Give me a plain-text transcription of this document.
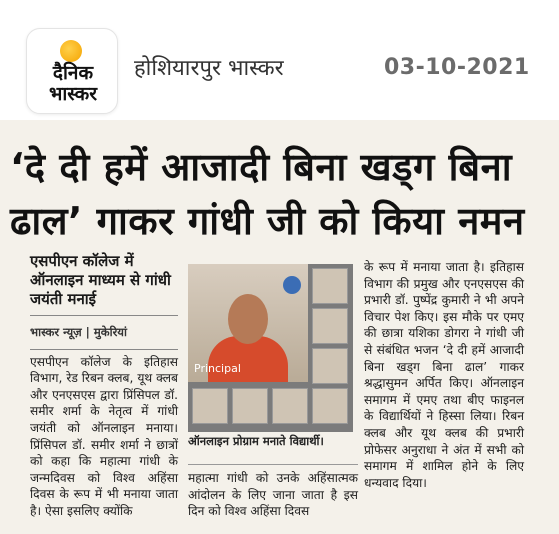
दैनिक
भास्कर
होशियारपुर भास्कर	03-10-2021
‘दे दी हमें आजादी बिना खड्ग बिना
ढाल’ गाकर गांधी जी को किया नमन
एसपीएन कॉलेज में ऑनलाइन माध्यम से गांधी जयंती मनाई
भास्कर न्यूज़ | मुकेरियां
एसपीएन कॉलेज के इतिहास विभाग, रेड रिबन क्लब, यूथ क्लब और एनएसएस द्वारा प्रिंसिपल डॉ. समीर शर्मा के नेतृत्व में गांधी जयंती को ऑनलाइन मनाया। प्रिंसिपल डॉ. समीर शर्मा ने छात्रों को कहा कि महात्मा गांधी के जन्मदिवस को विश्व अहिंसा दिवस के रूप में भी मनाया जाता है। ऐसा इसलिए क्योंकि
Principal
ऑनलाइन प्रोग्राम मनाते विद्यार्थी।
महात्मा गांधी को उनके अहिंसात्मक आंदोलन के लिए जाना जाता है इस दिन को विश्व अहिंसा दिवस
के रूप में मनाया जाता है। इतिहास विभाग की प्रमुख और एनएसएस की प्रभारी डॉ. पुष्पेंद्र कुमारी ने भी अपने विचार पेश किए। इस मौके पर एमए की छात्रा यशिका डोगरा ने गांधी जी से संबंधित भजन ‘दे दी हमें आजादी बिना खड्ग बिना ढाल’ गाकर श्रद्धासुमन अर्पित किए। ऑनलाइन समागम में एमए तथा बीए फाइनल के विद्यार्थियों ने हिस्सा लिया। रिबन क्लब और यूथ क्लब की प्रभारी प्रोफेसर अनुराधा ने अंत में सभी को समागम में शामिल होने के लिए धन्यवाद दिया।
